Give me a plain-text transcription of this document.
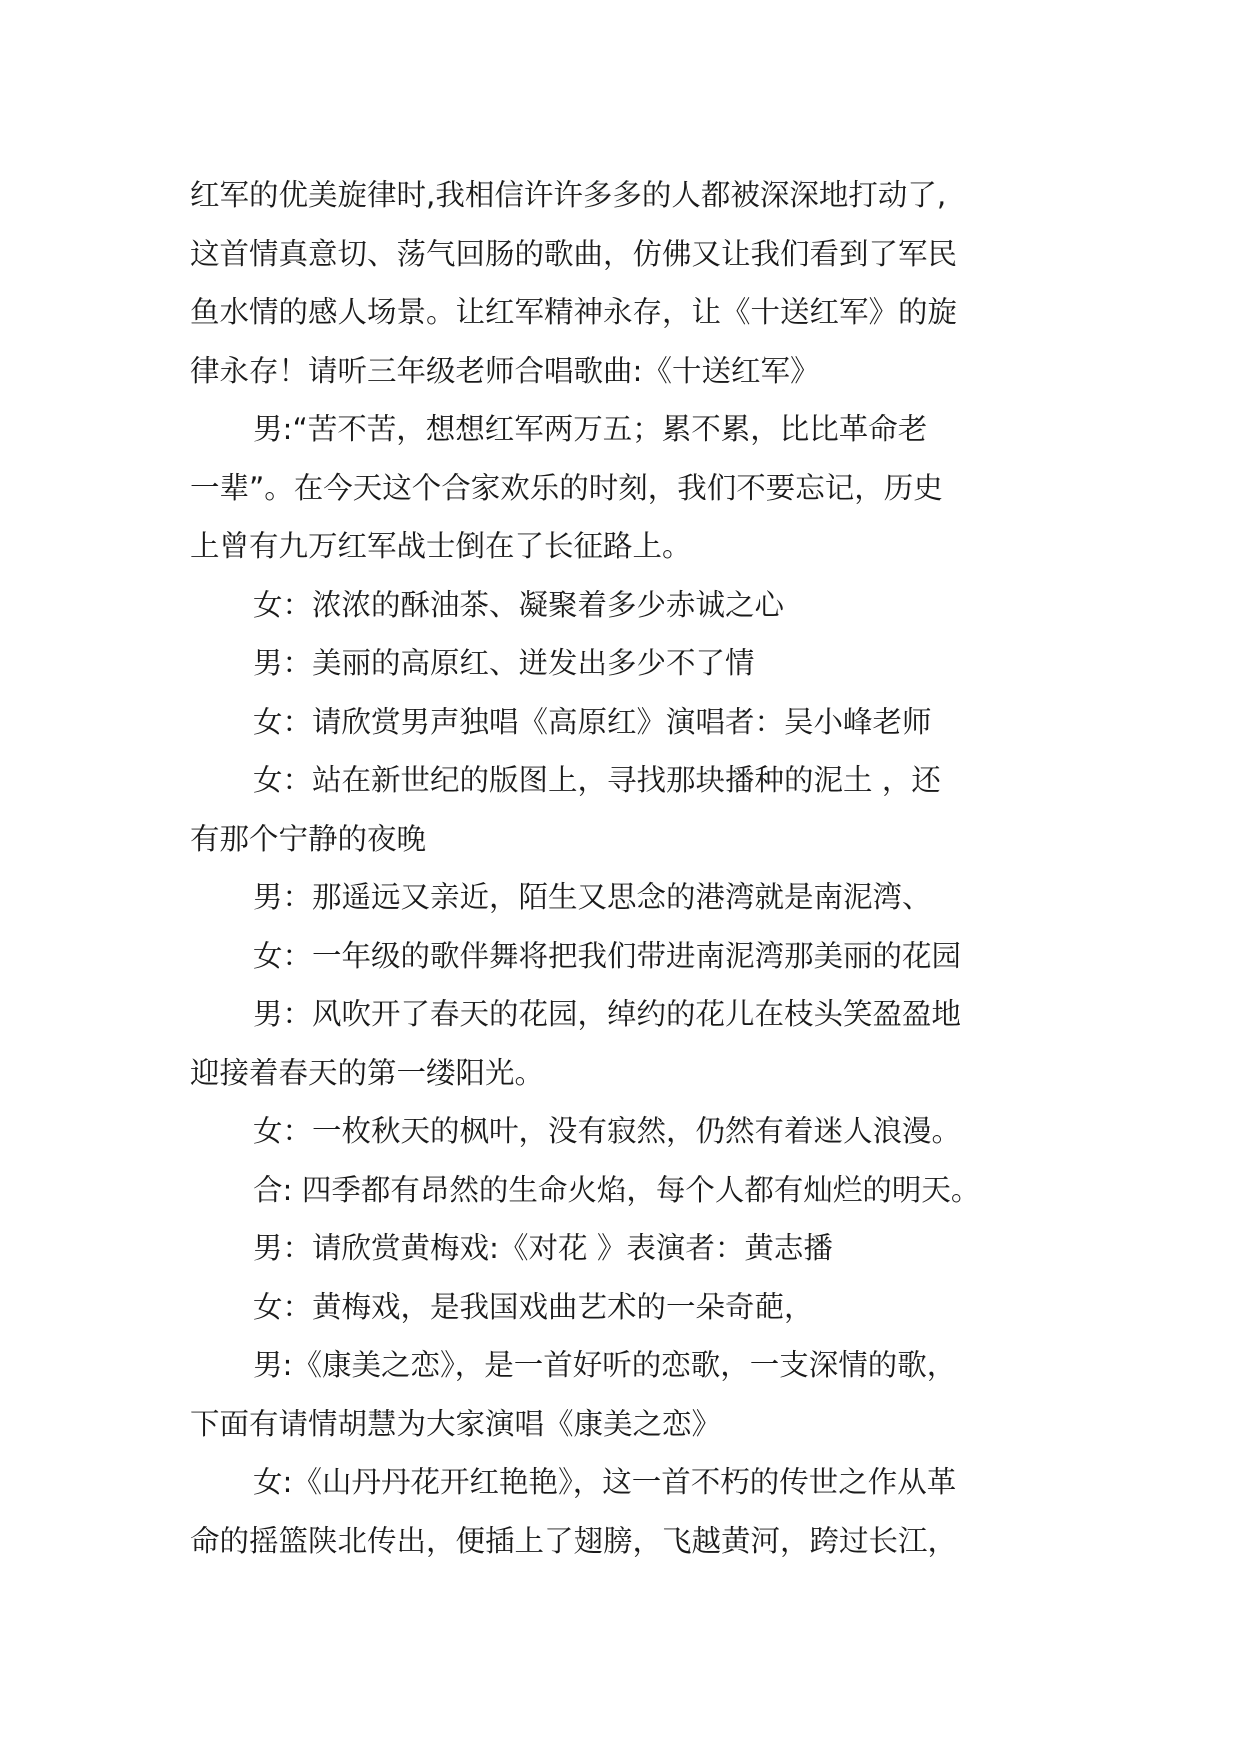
红军的优美旋律时,我相信许许多多的人都被深深地打动了,
这首情真意切、荡气回肠的歌曲，仿佛又让我们看到了军民
鱼水情的感人场景。让红军精神永存，让《十送红军》的旋
律永存！请听三年级老师合唱歌曲:《十送红军》
男:“苦不苦，想想红军两万五；累不累，比比革命老
一辈”。在今天这个合家欢乐的时刻，我们不要忘记，历史
上曾有九万红军战士倒在了长征路上。
女：浓浓的酥油茶、凝聚着多少赤诚之心
男：美丽的高原红、迸发出多少不了情
女：请欣赏男声独唱《高原红》演唱者：吴小峰老师
女：站在新世纪的版图上，寻找那块播种的泥土 ，还
有那个宁静的夜晚
男：那遥远又亲近，陌生又思念的港湾就是南泥湾、
女：一年级的歌伴舞将把我们带进南泥湾那美丽的花园
男：风吹开了春天的花园，绰约的花儿在枝头笑盈盈地
迎接着春天的第一缕阳光。
女：一枚秋天的枫叶，没有寂然，仍然有着迷人浪漫。
合: 四季都有昂然的生命火焰，每个人都有灿烂的明天。
男：请欣赏黄梅戏:《对花 》表演者：黄志播
女：黄梅戏，是我国戏曲艺术的一朵奇葩，
男:《康美之恋》，是一首好听的恋歌，一支深情的歌，
下面有请情胡慧为大家演唱《康美之恋》
女:《山丹丹花开红艳艳》，这一首不朽的传世之作从革
命的摇篮陕北传出，便插上了翅膀，飞越黄河，跨过长江，
